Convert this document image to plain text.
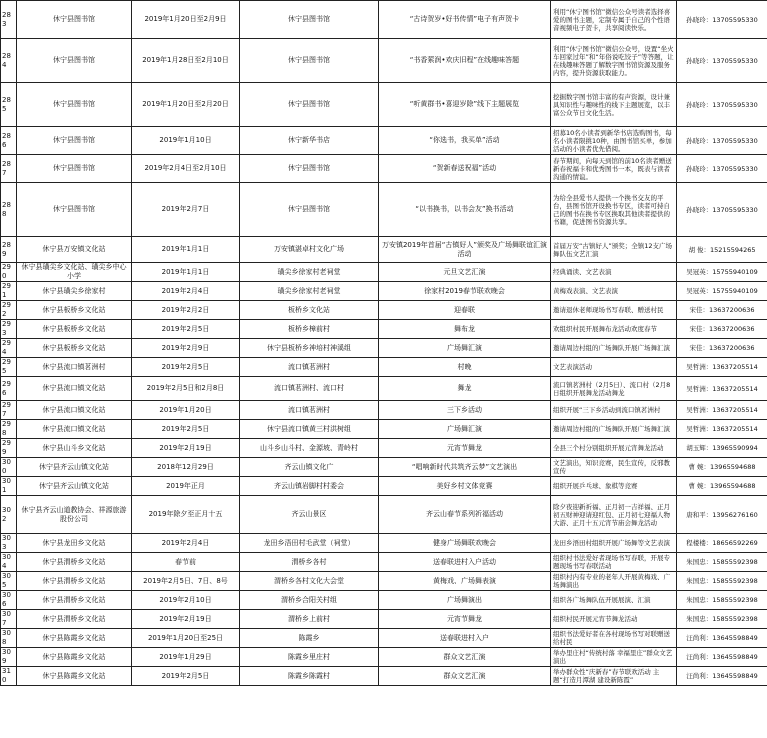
283	休宁县图书馆	2019年1月20日至2月9日	休宁县图书馆	“古诗贺岁•好书传情”电子有声贺卡	利用“休宁图书馆”微信公众号读者选择喜爱的图书主题，定制专属于自己的个性语音视频电子贺卡，共享阅读快乐。	孙晓玲：13705595330
284	休宁县图书馆	2019年1月28日至2月10日	休宁县图书馆	“书香萦润•欢庆旧程”在线趣味答题	利用“休宁图书馆”微信公众号，设置“坐火车回家过年”和“年俗说吃饺子”等答题，让在线趣味答题了解数字图书馆资源及服务内容，提升资源获取能力。	孙晓玲：13705595330
285	休宁县图书馆	2019年1月20日至2月20日	休宁县图书馆	“听黄群书•喜迎岁除”线下主题展览	挖掘数字图书馆丰富的有声资源，设计兼具知识性与趣味性的线下主题展览，以丰富公众节日文化生活。	孙晓玲：13705595330
286	休宁县图书馆	2019年1月10日	休宁新华书店	“你选书，我买单”活动	招募10名小读者到新华书店选购图书，每名小读者限挑10种，由图书馆买单，参加活动的小读者优先借阅。	孙晓玲：13705595330
287	休宁县图书馆	2019年2月4日至2月10日	休宁县图书馆	“贺新春送祝福”活动	春节期间，向每天到馆的前10名读者赠送新春祝福卡和优秀图书一本，既表与读者沟通的情谊。	孙晓玲：13705595330
288	休宁县图书馆	2019年2月7日	休宁县图书馆	“以书换书，以书会友”换书活动	为给全县爱书人提供一个换书交友的平台，县图书馆开设换书专区，读者可持自己的图书在换书专区换取其他读者提供的书籍，促进图书资源共享。	孙晓玲：13705595330
289	休宁县万安镇文化站	2019年1月1日	万安镇湛卓村文化广场	万安镇2019年首届“古镇好人”颁奖及广场舞联谊汇演活动	首届万安“古镇好人”颁奖；全镇12支广场舞队伍文艺汇演	胡 俊：15215594265
290	休宁县璜尖乡文化站、璜尖乡中心小学	2019年1月1日	璜尖乡徐家村老祠堂	元旦文艺汇演	经典诵读、文艺表演	吴冠英：15755940109
291	休宁县璜尖乡徐家村	2019年2月4日	璜尖乡徐家村老祠堂	徐家村2019春节联欢晚会	黄梅戏表演、文艺表演	吴冠英：15755940109
292	休宁县板桥乡文化站	2019年2月2日	板桥乡文化站	迎春联	邀请退休老师现场书写春联、赠送村民	宋佳：13637200636
293	休宁县板桥乡文化站	2019年2月5日	板桥乡樟前村	舞布龙	欢组织村民开展舞布龙活动欢度春节	宋佳：13637200636
294	休宁县板桥乡文化站	2019年2月9日	休宁县板桥乡神培村神溪组	广场舞汇演	邀请周边村组的广场舞队开展广场舞汇演	宋佳：13637200636
295	休宁县流口镇茗洲村	2019年2月5日	流口镇茗洲村	村晚	文艺表演活动	吴哲洲：13637205514
296	休宁县流口镇文化站	2019年2月5日和2月8日	流口镇茗洲村、流口村	舞龙	流口镇茗洲村（2月5日）、流口村（2月8日组织开展舞龙活动舞龙	吴哲洲：13637205514
297	休宁县流口镇文化站	2019年1月20日	流口镇茗洲村	三下乡活动	组织开展“三下乡活动到流口镇茗洲村	吴哲洲：13637205514
298	休宁县流口镇文化站	2019年2月5日	休宁县流口镇黄三村洪树组	广场舞汇演	邀请周边村组的广场舞队开展广场舞汇演	吴哲洲：13637205514
299	休宁县山斗乡文化站	2019年2月19日	山斗乡山斗村、金源坡、青岭村	元宵节舞龙	全县三个村分别组织开展元宵舞龙活动	胡玉辉：13965590994
300	休宁县齐云山镇文化站	2018年12月29日	齐云山镇文化广	“唱响新时代共筑齐云梦”文艺演出	文艺演出，知识竞赛，民生宣传，反邪教宣传	曹 婉：13965594688
301	休宁县齐云山镇文化站	2019年正月	齐云山镇岩脚村村委会	美好乡村文体竞赛	组织开展乒乓球、象棋等竞赛	曹 婉：13965594688
302	休宁县齐云山道教协会、祥源旅游股份公司	2019年除夕至正月十五	齐云山景区	齐云山春节系列祈福活动	除夕夜迎新祈福、正月初一吉祥福、正月初五财神迎请迎红包、正月初七迎福人物大游、正月十五元宵节庙会舞龙活动	唐和平：13956276160
303	休宁县龙田乡文化站	2019年2月4日	龙田乡浯田村毛武堂（祠堂）	健身广场舞联欢晚会	龙田乡浯田村组织开展广场舞等文艺表演	程楼楼：18656592269
304	休宁县渭桥乡文化站	春节前	渭桥乡各村	送春联进村入户活动	组织村书法爱好者现场书写春联，开展专题现场书写春联活动	朱国忠：15855592398
305	休宁县渭桥乡文化站	2019年2月5日、7日、8号	渭桥乡各村文化大会堂	黄梅戏、广场舞表演	组织村内有专业的老年人开展黄梅戏、广场舞演出	朱国忠：15855592398
306	休宁县渭桥乡文化站	2019年2月10日	渭桥乡合阳关村组	广场舞演出	组织各广场舞队伍开展展演、汇演	朱国忠：15855592398
307	休宁县渭桥乡文化站	2019年2月19日	渭桥乡上前村	元宵节舞龙	组织村民开展元宵节舞龙活动	朱国忠：15855592398
308	休宁县陈霞乡文化站	2019年1月20日至25日	陈霞乡	送春联进村入户	组织书法爱好者在各村现场书写对联赠送给村民	汪尚利：13645598849
309	休宁县陈霞乡文化站	2019年1月29日	陈霞乡里庄村	群众文艺汇演	举办里庄村“传统村落 幸福里庄”群众文艺演出	汪尚利：13645598849
310	休宁县陈霞乡文化站	2019年2月5日	陈霞乡陈霞村	群众文艺汇演	举办群众性“庆新春”春节联欢活动 主题“打造月潭湖 建设新陈霞”	汪尚利：13645598849
